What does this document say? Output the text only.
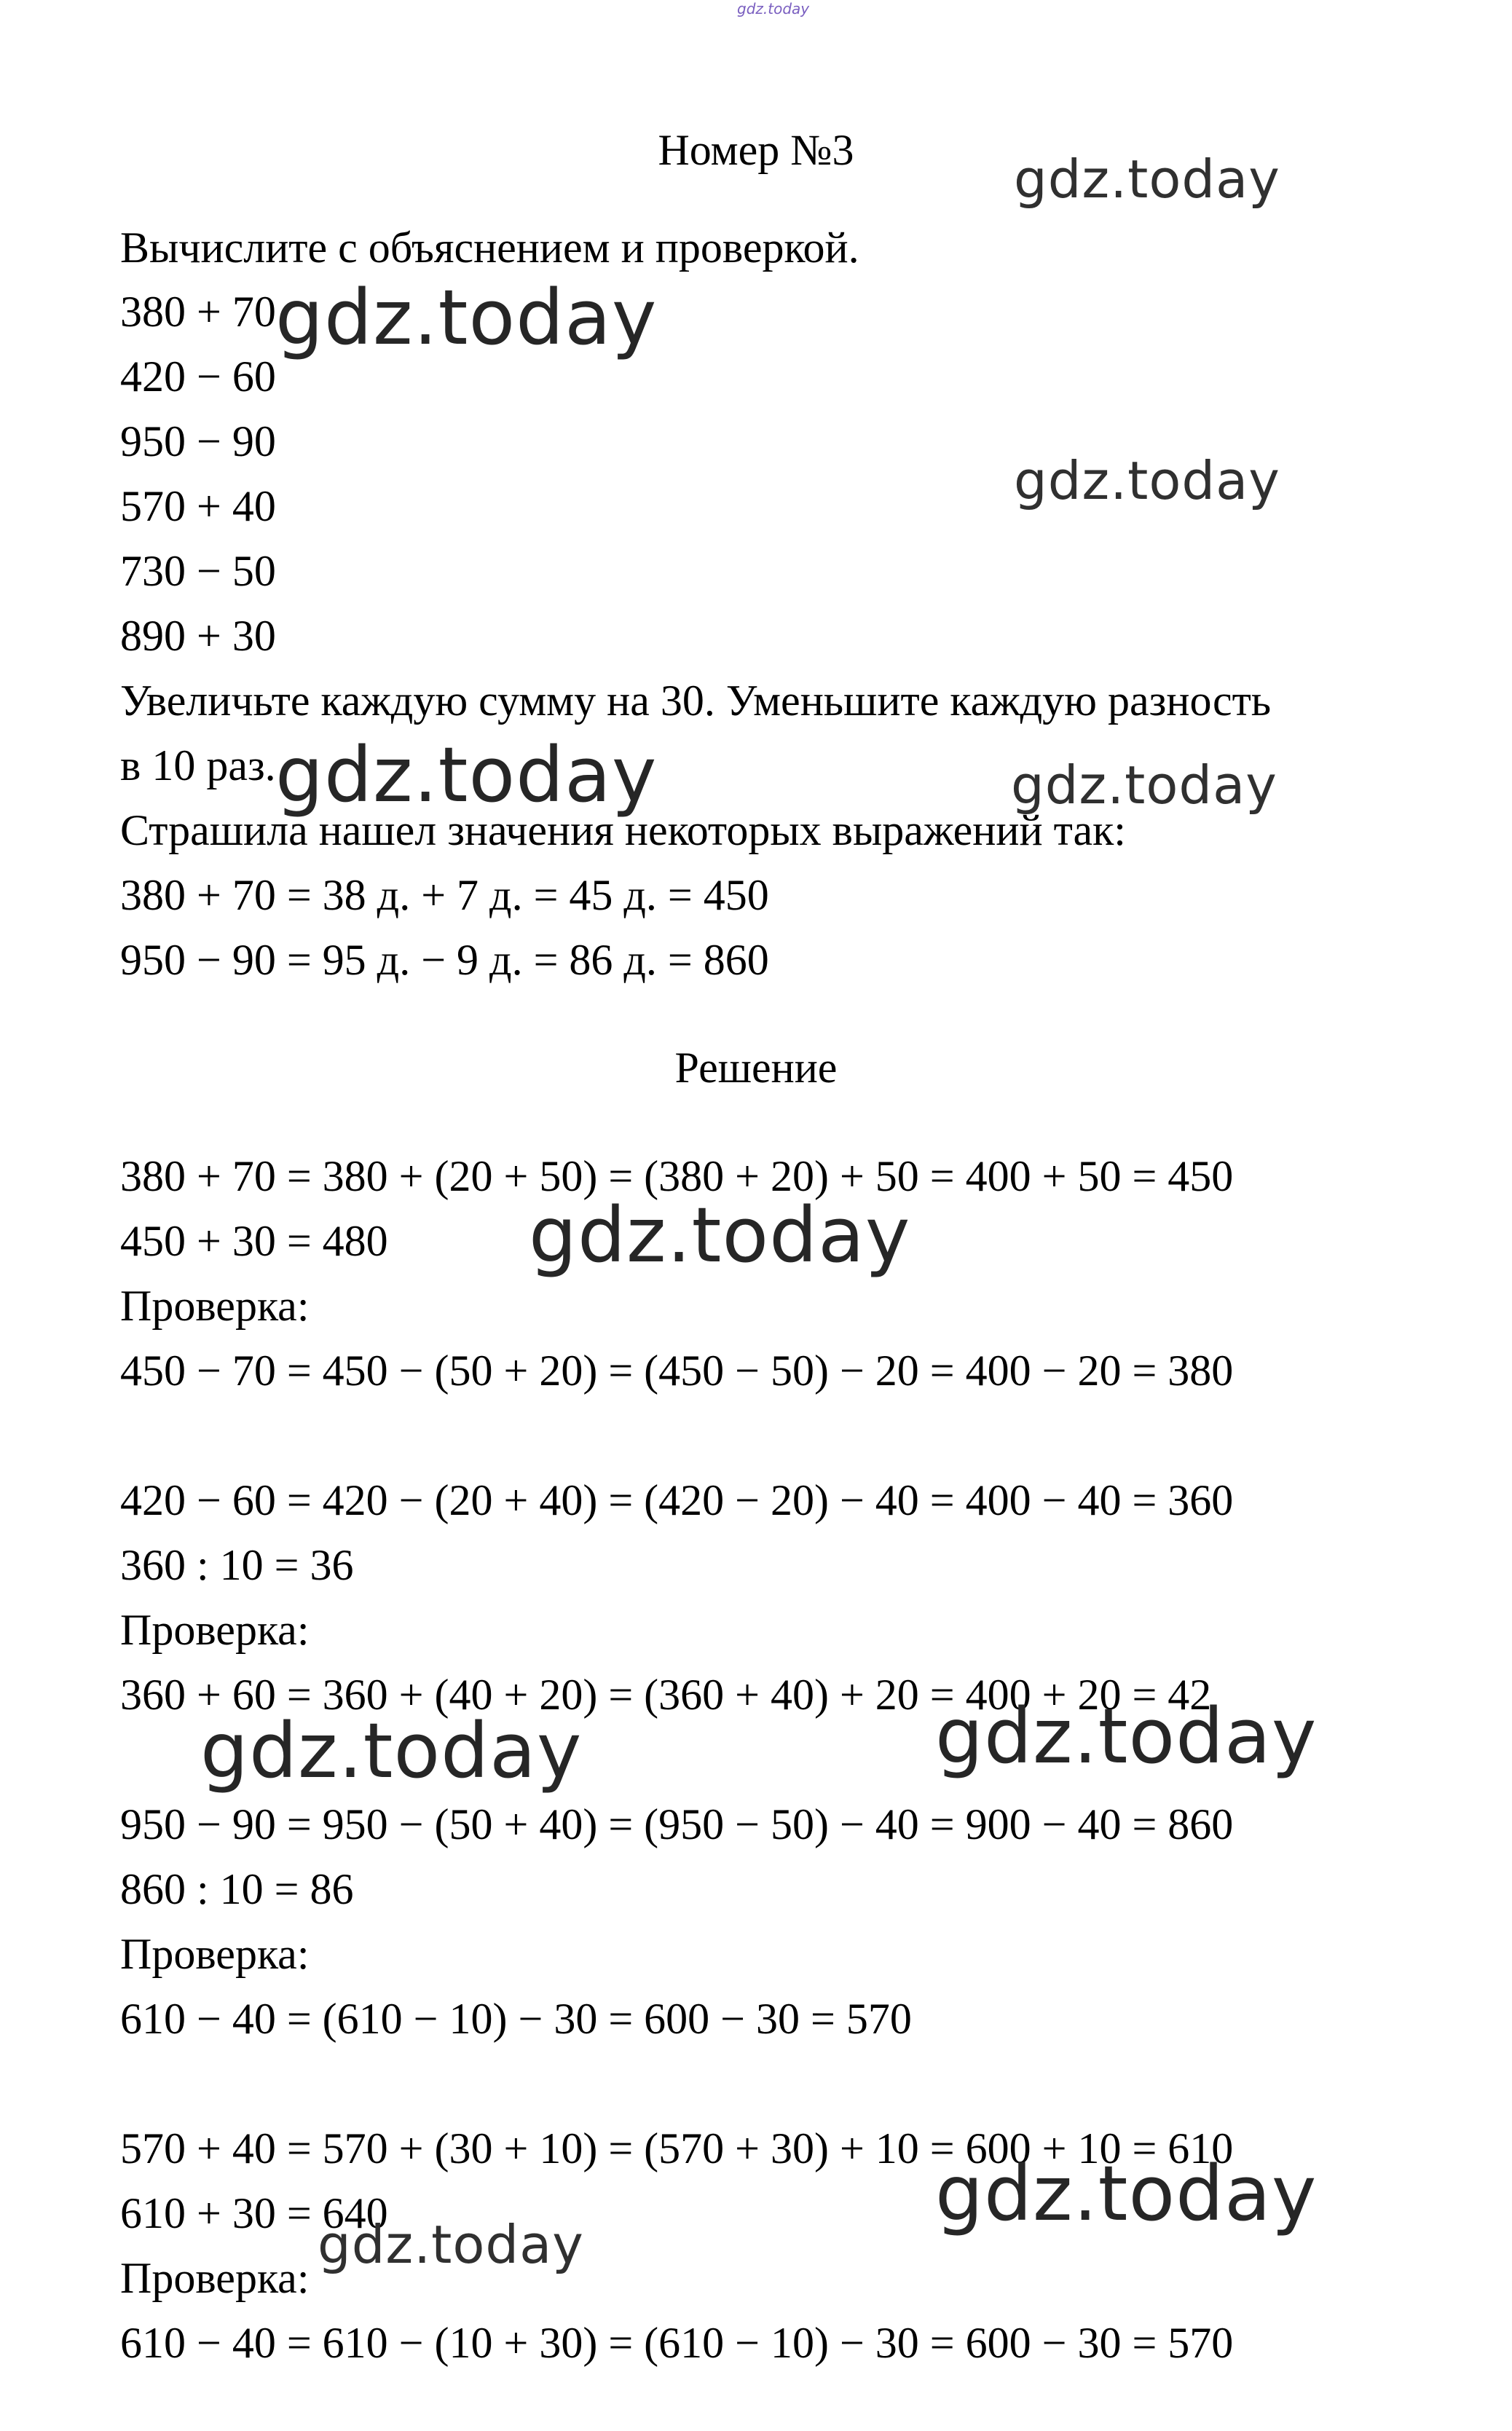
gdz.today
Номер №3
Вычислите с объяснением и проверкой.
380 + 70
420 − 60
950 − 90
570 + 40
730 − 50
890 + 30
Увеличьте каждую сумму на 30. Уменьшите каждую разность
в 10 раз.
Страшила нашел значения некоторых выражений так:
380 + 70 = 38 д. + 7 д. = 45 д. = 450
950 − 90 = 95 д. − 9 д. = 86 д. = 860
Решение
380 + 70 = 380 + (20 + 50) = (380 + 20) + 50 = 400 + 50 = 450
450 + 30 = 480
Проверка:
450 − 70 = 450 − (50 + 20) = (450 − 50) − 20 = 400 − 20 = 380
420 − 60 = 420 − (20 + 40) = (420 − 20) − 40 = 400 − 40 = 360
360 : 10 = 36
Проверка:
360 + 60 = 360 + (40 + 20) = (360 + 40) + 20 = 400 + 20 = 42
950 − 90 = 950 − (50 + 40) = (950 − 50) − 40 = 900 − 40 = 860
860 : 10 = 86
Проверка:
610 − 40 = (610 − 10) − 30 = 600 − 30 = 570
570 + 40 = 570 + (30 + 10) = (570 + 30) + 10 = 600 + 10 = 610
610 + 30 = 640
Проверка:
610 − 40 = 610 − (10 + 30) = (610 − 10) − 30 = 600 − 30 = 570
gdz.today
gdz.today
gdz.today
gdz.today	gdz.today
gdz.today
gdz.today	gdz.today
gdz.today
gdz.today
